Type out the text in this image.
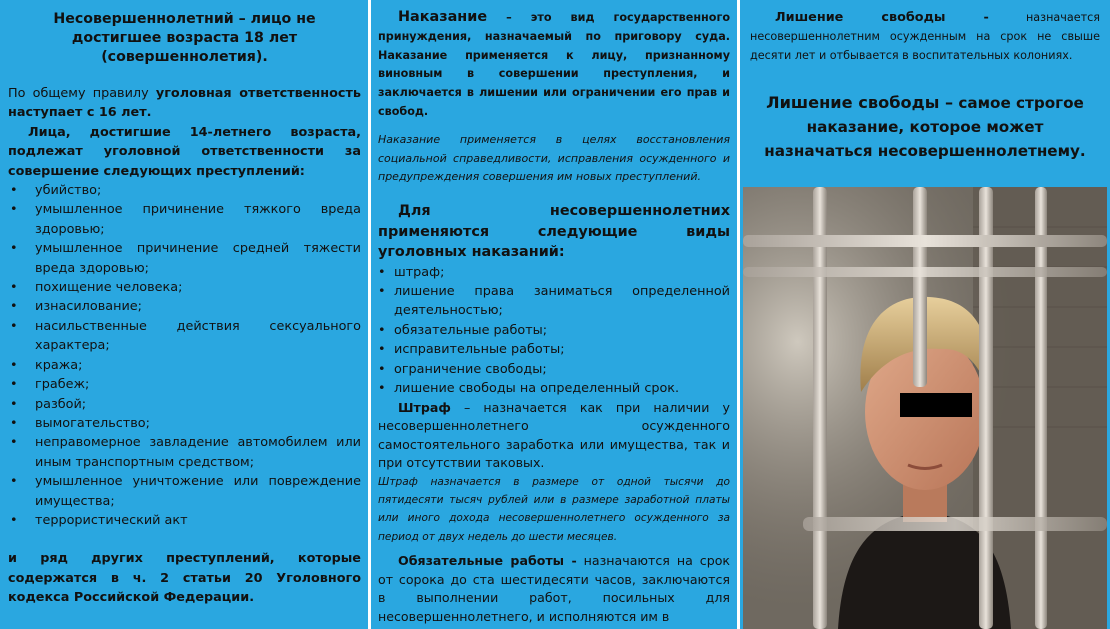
Несовершеннолетний – лицо не достигшее возраста 18 лет (совершеннолетия).

По общему правилу уголовная ответственность наступает с 16 лет.

Лица, достигшие 14-летнего возраста, подлежат уголовной ответственности за совершение следующих преступлений:

• убийство;
• умышленное причинение тяжкого вреда здоровью;
• умышленное причинение средней тяжести вреда здоровью;
• похищение человека;
• изнасилование;
• насильственные действия сексуального характера;
• кража;
• грабеж;
• разбой;
• вымогательство;
• неправомерное завладение автомобилем или иным транспортным средством;
• умышленное уничтожение или повреждение имущества;
• террористический акт

и ряд других преступлений, которые содержатся в ч. 2 статьи 20 Уголовного кодекса Российской Федерации.

Наказание – это вид государственного принуждения, назначаемый по приговору суда. Наказание применяется к лицу, признанному виновным в совершении преступления, и заключается в лишении или ограничении его прав и свобод.

Наказание применяется в целях восстановления социальной справедливости, исправления осужденного и предупреждения совершения им новых преступлений.

Для несовершеннолетних применяются следующие виды уголовных наказаний:

• штраф;
• лишение права заниматься определенной деятельностью;
• обязательные работы;
• исправительные работы;
• ограничение свободы;
• лишение свободы на определенный срок.

Штраф – назначается как при наличии у несовершеннолетнего осужденного самостоятельного заработка или имущества, так и при отсутствии таковых.

Штраф назначается в размере от одной тысячи до пятидесяти тысяч рублей или в размере заработной платы или иного дохода несовершеннолетнего осужденного за период от двух недель до шести месяцев.

Обязательные работы - назначаются на срок от сорока до ста шестидесяти часов, заключаются в выполнении работ, посильных для несовершеннолетнего, и исполняются им в

Лишение свободы - назначается несовершеннолетним осужденным на срок не свыше десяти лет и отбывается в воспитательных колониях.

Лишение свободы – самое строгое наказание, которое может назначаться несовершеннолетнему.
